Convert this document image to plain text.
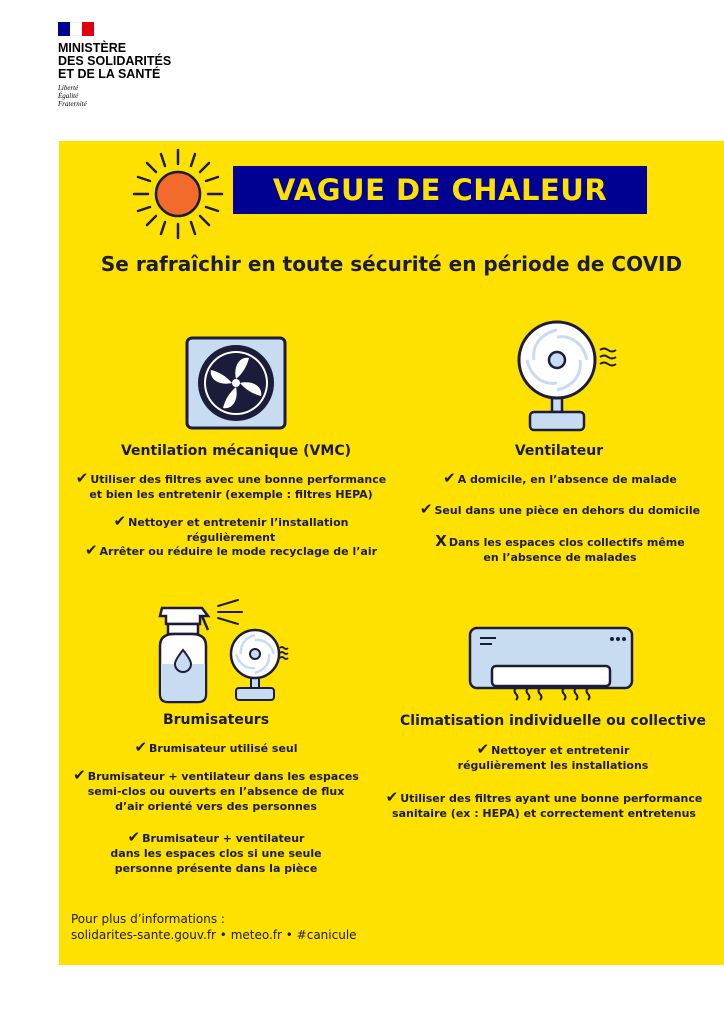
MINISTÈRE
DES SOLIDARITÉS
ET DE LA SANTÉ
Liberté
Égalité
Fraternité
VAGUE DE CHALEUR
Se rafraîchir en toute sécurité en période de COVID
Ventilation mécanique (VMC)
✔ Utiliser des filtres avec une bonne performance
et bien les entretenir (exemple : filtres HEPA)
✔ Nettoyer et entretenir l’installation régulièrement
✔ Arrêter ou réduire le mode recyclage de l’air
Ventilateur
✔ A domicile, en l’absence de malade
✔ Seul dans une pièce en dehors du domicile
X Dans les espaces clos collectifs même
en l’absence de malades
Brumisateurs
✔ Brumisateur utilisé seul
✔ Brumisateur + ventilateur dans les espaces
semi-clos ou ouverts en l’absence de flux
d’air orienté vers des personnes
✔ Brumisateur + ventilateur
dans les espaces clos si une seule
personne présente dans la pièce
Climatisation individuelle ou collective
✔ Nettoyer et entretenir
régulièrement les installations
✔ Utiliser des filtres ayant une bonne performance
sanitaire (ex : HEPA) et correctement entretenus
Pour plus d’informations :
solidarites-sante.gouv.fr • meteo.fr • #canicule
